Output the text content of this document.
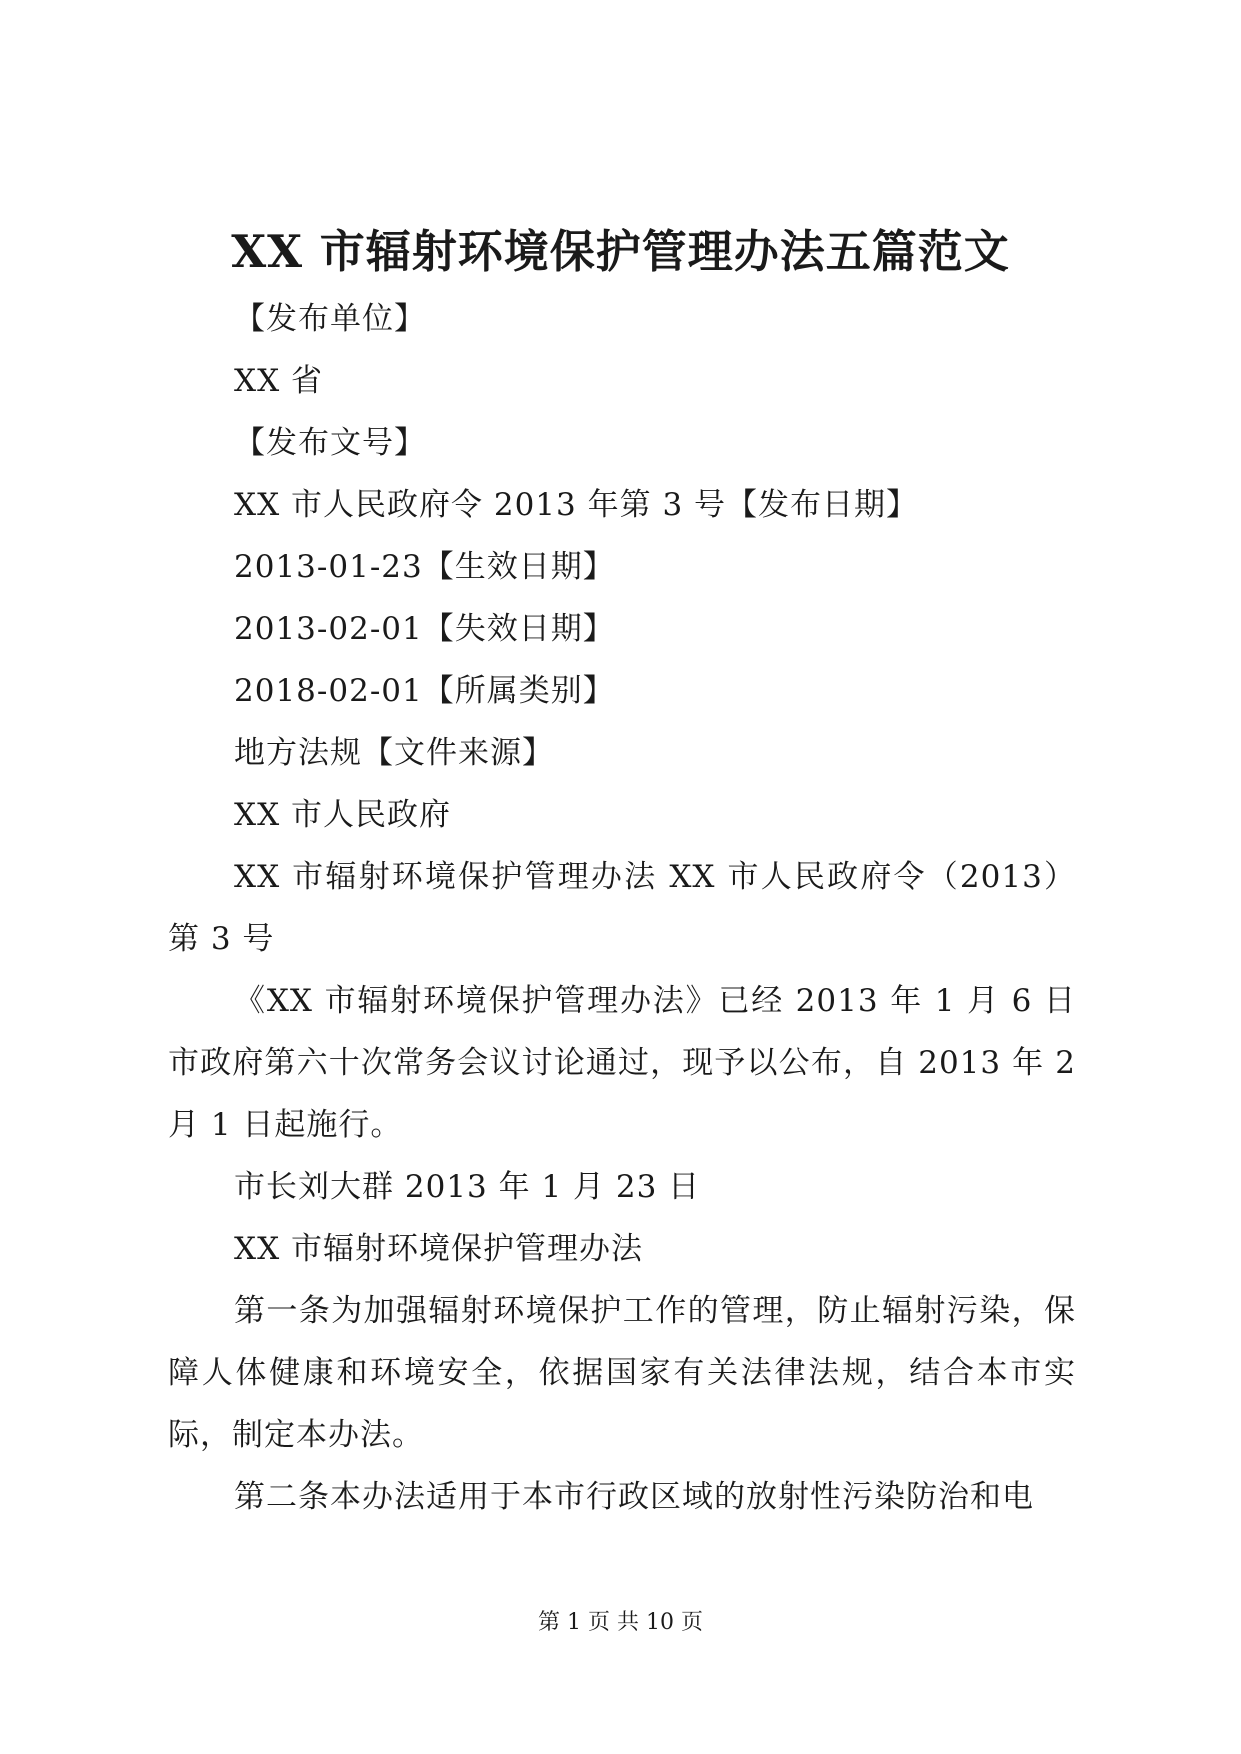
XX 市辐射环境保护管理办法五篇范文

【发布单位】

XX 省

【发布文号】

XX 市人民政府令 2013 年第 3 号【发布日期】

2013-01-23【生效日期】

2013-02-01【失效日期】

2018-02-01【所属类别】

地方法规【文件来源】

XX 市人民政府

XX 市辐射环境保护管理办法 XX 市人民政府令（2013）第 3 号

《XX 市辐射环境保护管理办法》已经 2013 年 1 月 6 日市政府第六十次常务会议讨论通过，现予以公布，自 2013 年 2 月 1 日起施行。

市长刘大群 2013 年 1 月 23 日

XX 市辐射环境保护管理办法

第一条为加强辐射环境保护工作的管理，防止辐射污染，保障人体健康和环境安全，依据国家有关法律法规，结合本市实际，制定本办法。

第二条本办法适用于本市行政区域的放射性污染防治和电

第 1 页 共 10 页
